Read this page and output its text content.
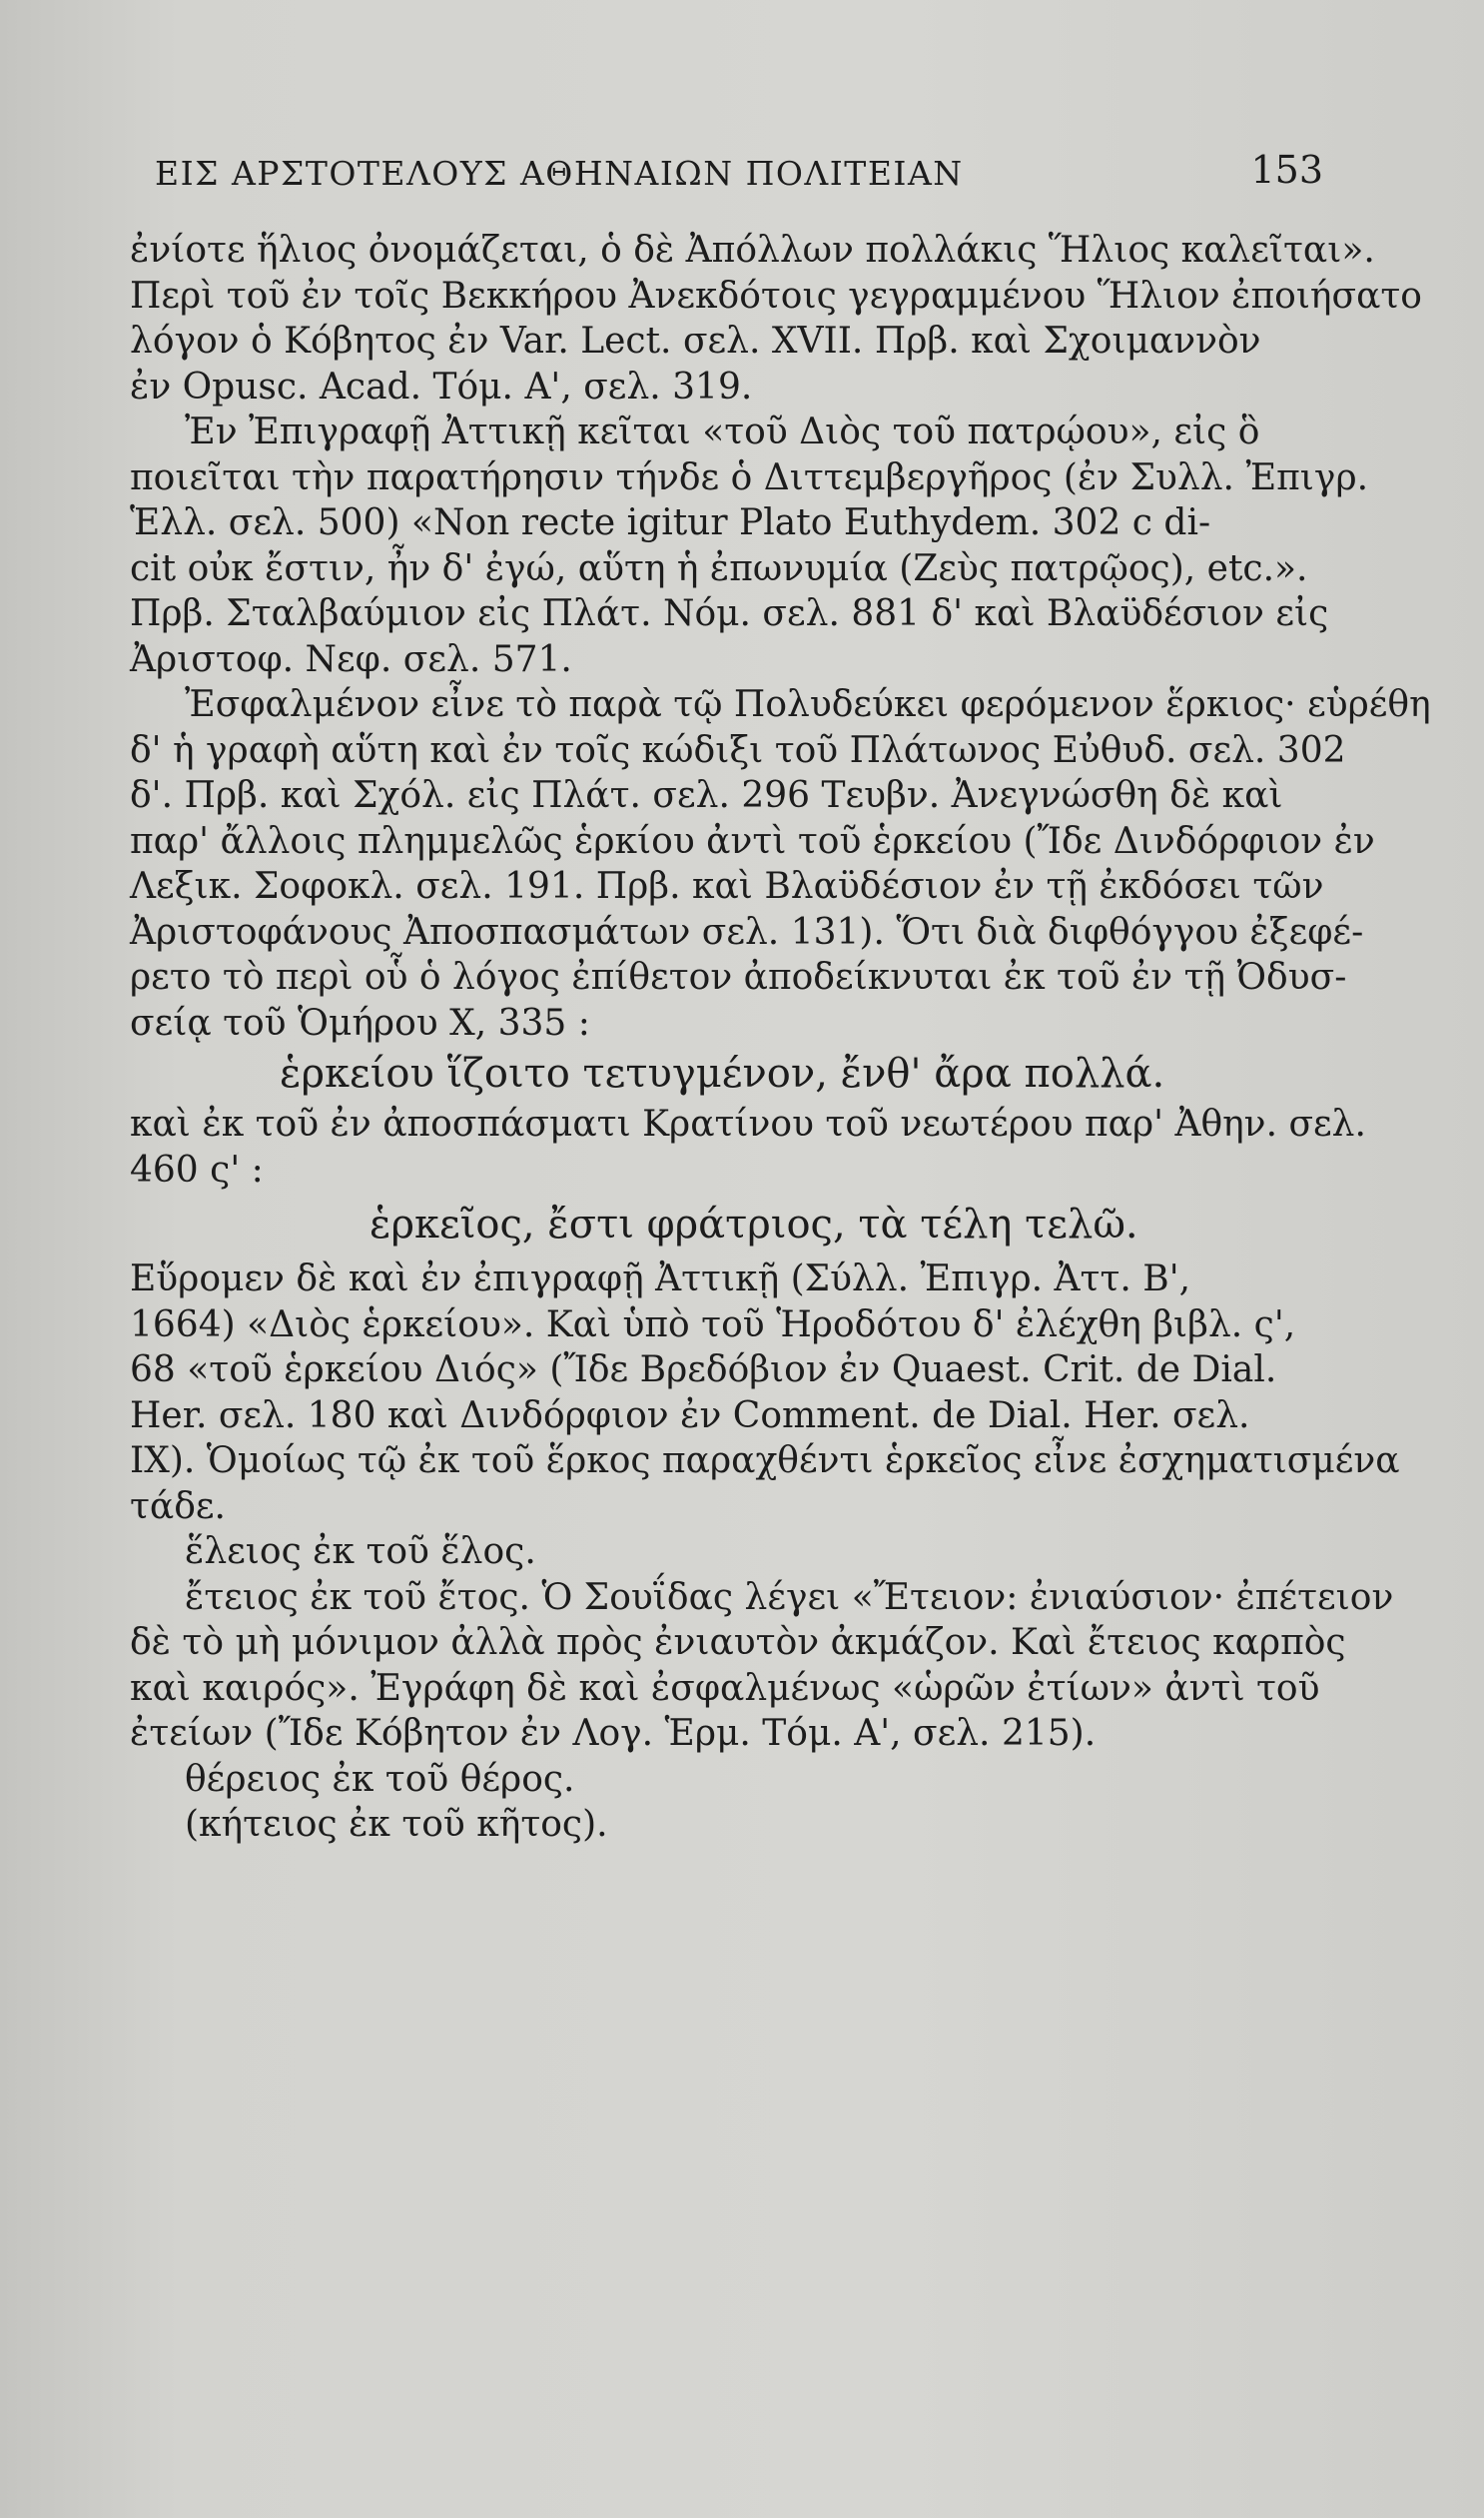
ΕΙΣ ΑΡΣΤΟΤΕΛΟΥΣ ΑΘΗΝΑΙΩΝ ΠΟΛΙΤΕΙΑΝ	153
ἐνίοτε ἥλιος ὀνομάζεται, ὁ δὲ Ἀπόλλων πολλάκις Ἥλιος καλεῖται».
Περὶ τοῦ ἐν τοῖς Βεκκήρου Ἀνεκδότοις γεγραμμένου Ἥλιον ἐποιήσατο
λόγον ὁ Κόβητος ἐν Var. Lect. σελ. XVII. Πρβ. καὶ Σχοιμαννὸν
ἐν Opusc. Acad. Τόμ. Α', σελ. 319.
Ἐν Ἐπιγραφῇ Ἀττικῇ κεῖται «τοῦ Διὸς τοῦ πατρῴου», εἰς ὃ
ποιεῖται τὴν παρατήρησιν τήνδε ὁ Διττεμβεργῆρος (ἐν Συλλ. Ἐπιγρ.
Ἑλλ. σελ. 500) «Non recte igitur Plato Euthydem. 302 c di-
cit οὐκ ἔστιν, ἦν δ' ἐγώ, αὕτη ἡ ἐπωνυμία (Ζεὺς πατρῷος), etc.».
Πρβ. Σταλβαύμιον εἰς Πλάτ. Νόμ. σελ. 881 δ' καὶ Βλαϋδέσιον εἰς
Ἀριστοφ. Νεφ. σελ. 571.
Ἐσφαλμένον εἶνε τὸ παρὰ τῷ Πολυδεύκει φερόμενον ἕρκιος· εὑρέθη
δ' ἡ γραφὴ αὕτη καὶ ἐν τοῖς κώδιξι τοῦ Πλάτωνος Εὐθυδ. σελ. 302
δ'. Πρβ. καὶ Σχόλ. εἰς Πλάτ. σελ. 296 Τευβν. Ἀνεγνώσθη δὲ καὶ
παρ' ἄλλοις πλημμελῶς ἑρκίου ἀντὶ τοῦ ἑρκείου (Ἴδε Δινδόρφιον ἐν
Λεξικ. Σοφοκλ. σελ. 191. Πρβ. καὶ Βλαϋδέσιον ἐν τῇ ἐκδόσει τῶν
Ἀριστοφάνους Ἀποσπασμάτων σελ. 131). Ὅτι διὰ διφθόγγου ἐξεφέ-
ρετο τὸ περὶ οὗ ὁ λόγος ἐπίθετον ἀποδείκνυται ἐκ τοῦ ἐν τῇ Ὀδυσ-
σείᾳ τοῦ Ὁμήρου Χ, 335 :
ἑρκείου ἵζοιτο τετυγμένον, ἔνθ' ἄρα πολλά.
καὶ ἐκ τοῦ ἐν ἀποσπάσματι Κρατίνου τοῦ νεωτέρου παρ' Ἀθην. σελ.
460 ς' :
ἑρκεῖος, ἔστι φράτριος, τὰ τέλη τελῶ.
Εὕρομεν δὲ καὶ ἐν ἐπιγραφῇ Ἀττικῇ (Σύλλ. Ἐπιγρ. Ἀττ. Β',
1664) «Διὸς ἑρκείου». Καὶ ὑπὸ τοῦ Ἡροδότου δ' ἐλέχθη βιβλ. ς',
68 «τοῦ ἑρκείου Διός» (Ἴδε Βρεδόβιον ἐν Quaest. Crit. de Dial.
Her. σελ. 180 καὶ Δινδόρφιον ἐν Comment. de Dial. Her. σελ.
IX). Ὁμοίως τῷ ἐκ τοῦ ἕρκος παραχθέντι ἑρκεῖος εἶνε ἐσχηματισμένα
τάδε.
ἕλειος ἐκ τοῦ ἕλος.
ἔτειος ἐκ τοῦ ἔτος. Ὁ Σουΐδας λέγει «Ἔτειον: ἐνιαύσιον· ἐπέτειον
δὲ τὸ μὴ μόνιμον ἀλλὰ πρὸς ἐνιαυτὸν ἀκμάζον. Καὶ ἔτειος καρπὸς
καὶ καιρός». Ἐγράφη δὲ καὶ ἐσφαλμένως «ὡρῶν ἐτίων» ἀντὶ τοῦ
ἐτείων (Ἴδε Κόβητον ἐν Λογ. Ἑρμ. Τόμ. Α', σελ. 215).
θέρειος ἐκ τοῦ θέρος.
(κήτειος ἐκ τοῦ κῆτος).
